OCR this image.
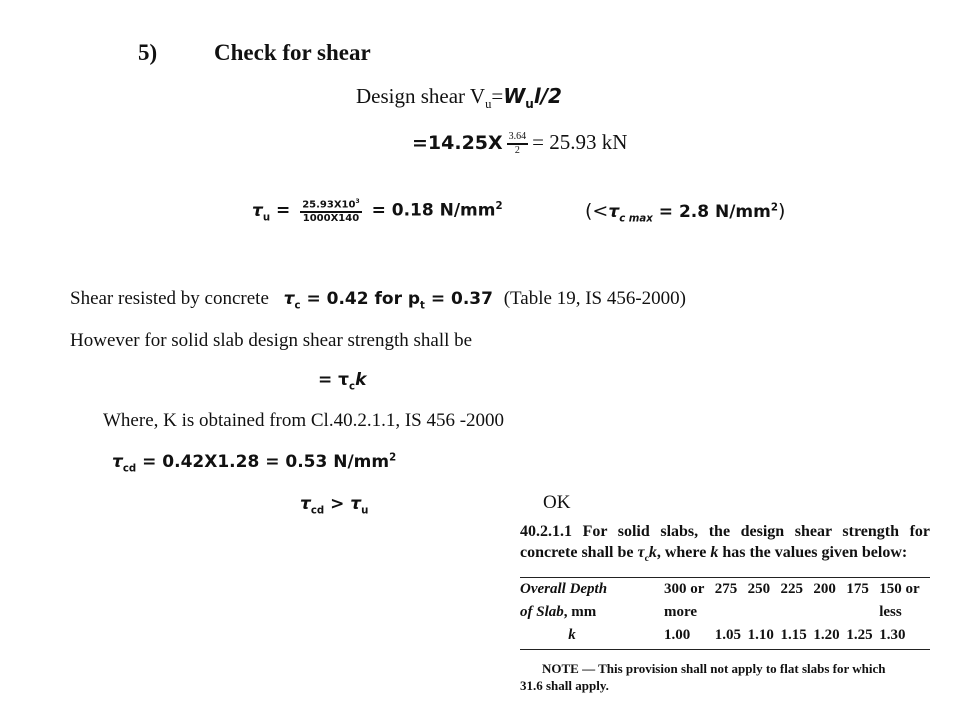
5) Check for shear
Design shear $V_u=W_ul/2$
$=14.25X \frac{3.64}{2} = 25.93$ kN
$\tau_u = \frac{25.93X10^3}{1000X140} = 0.18$ $N/mm^2$	($<\tau_{c max} = 2.8$ $N/mm^2$)
Shear resisted by concrete $\tau_c = 0.42$ for $p_t = 0.37$ (Table 19, IS 456-2000)
However for solid slab design shear strength shall be
= $\tau_ck$
Where, K is obtained from Cl.40.2.1.1, IS 456 -2000
$\tau_{cd} = 0.42X1.28 = 0.53$ $N/mm^2$
$\tau_{cd} > \tau_u$	OK

40.2.1.1 For solid slabs, the design shear strength for concrete shall be $\tau_ck$, where k has the values given below:

Overall Depth	300 or	275	250	225	200	175	150 or
of Slab, mm	more						less
k	1.00	1.05	1.10	1.15	1.20	1.25	1.30
NOTE — This provision shall not apply to flat slabs for which
31.6 shall apply.
